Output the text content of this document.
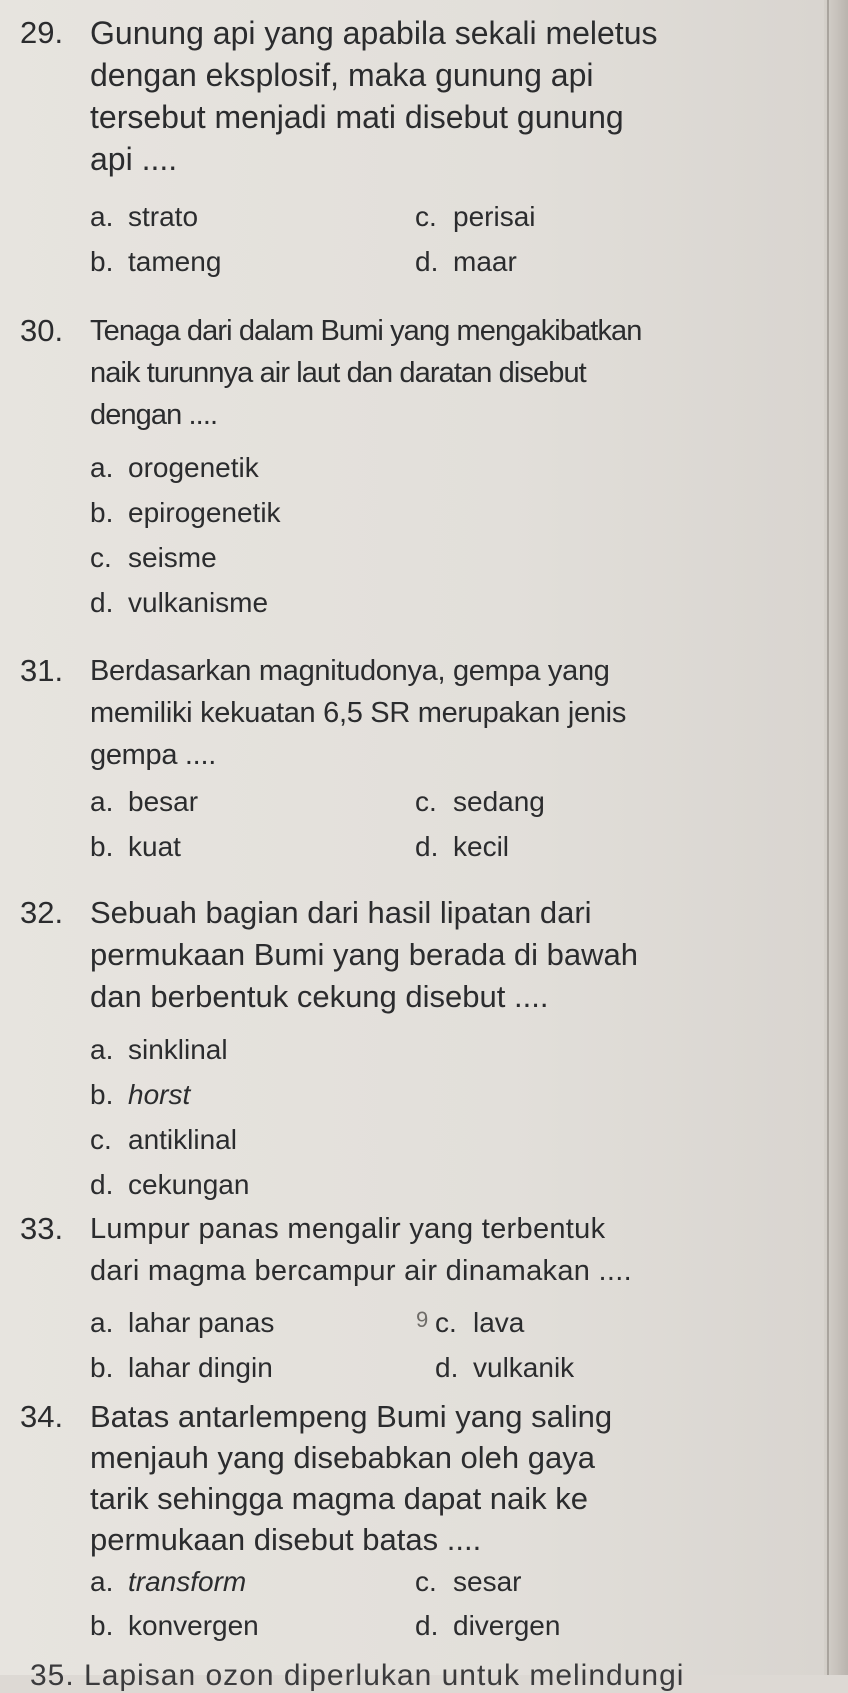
29. Gunung api yang apabila sekali meletus
dengan eksplosif, maka gunung api
tersebut menjadi mati disebut gunung
api ....
a. strato
b. tameng
c. perisai
d. maar
30. Tenaga dari dalam Bumi yang mengakibatkan
naik turunnya air laut dan daratan disebut
dengan ....
a. orogenetik
b. epirogenetik
c. seisme
d. vulkanisme
31. Berdasarkan magnitudonya, gempa yang
memiliki kekuatan 6,5 SR merupakan jenis
gempa ....
a. besar
b. kuat
c. sedang
d. kecil
32. Sebuah bagian dari hasil lipatan dari
permukaan Bumi yang berada di bawah
dan berbentuk cekung disebut ....
a. sinklinal
b. horst
c. antiklinal
d. cekungan
33. Lumpur panas mengalir yang terbentuk
dari magma bercampur air dinamakan ....
a. lahar panas
b. lahar dingin
c. lava
d. vulkanik
9
34. Batas antarlempeng Bumi yang saling
menjauh yang disebabkan oleh gaya
tarik sehingga magma dapat naik ke
permukaan disebut batas ....
a. transform
b. konvergen
c. sesar
d. divergen
35. Lapisan ozon diperlukan untuk melindungi
